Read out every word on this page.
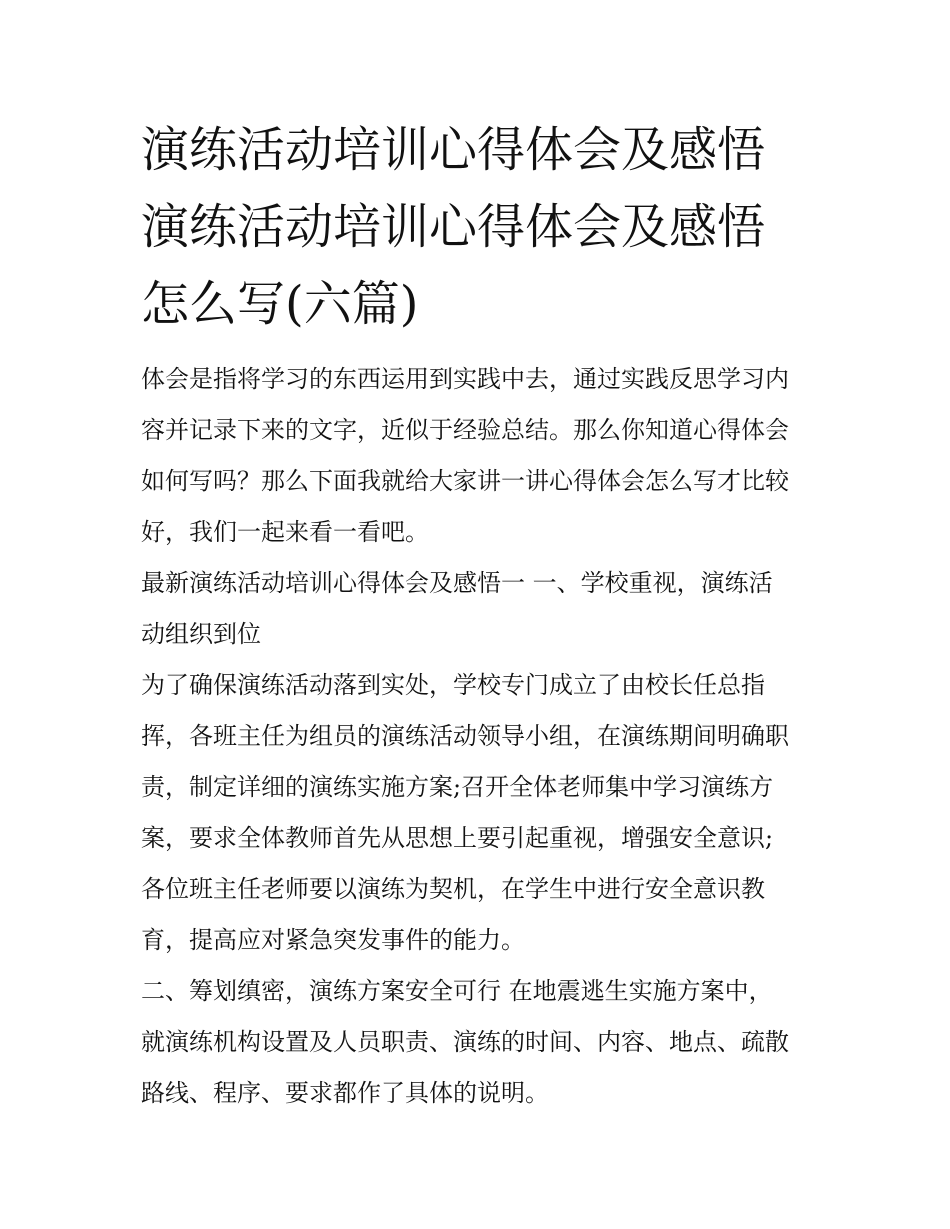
演练活动培训心得体会及感悟
演练活动培训心得体会及感悟
怎么写(六篇)

体会是指将学习的东西运用到实践中去，通过实践反思学习内
容并记录下来的文字，近似于经验总结。那么你知道心得体会
如何写吗？那么下面我就给大家讲一讲心得体会怎么写才比较
好，我们一起来看一看吧。

最新演练活动培训心得体会及感悟一 一、学校重视，演练活
动组织到位

为了确保演练活动落到实处，学校专门成立了由校长任总指
挥，各班主任为组员的演练活动领导小组，在演练期间明确职
责，制定详细的演练实施方案;召开全体老师集中学习演练方
案，要求全体教师首先从思想上要引起重视，增强安全意识;
各位班主任老师要以演练为契机，在学生中进行安全意识教
育，提高应对紧急突发事件的能力。

二、筹划缜密，演练方案安全可行 在地震逃生实施方案中，
就演练机构设置及人员职责、演练的时间、内容、地点、疏散
路线、程序、要求都作了具体的说明。
